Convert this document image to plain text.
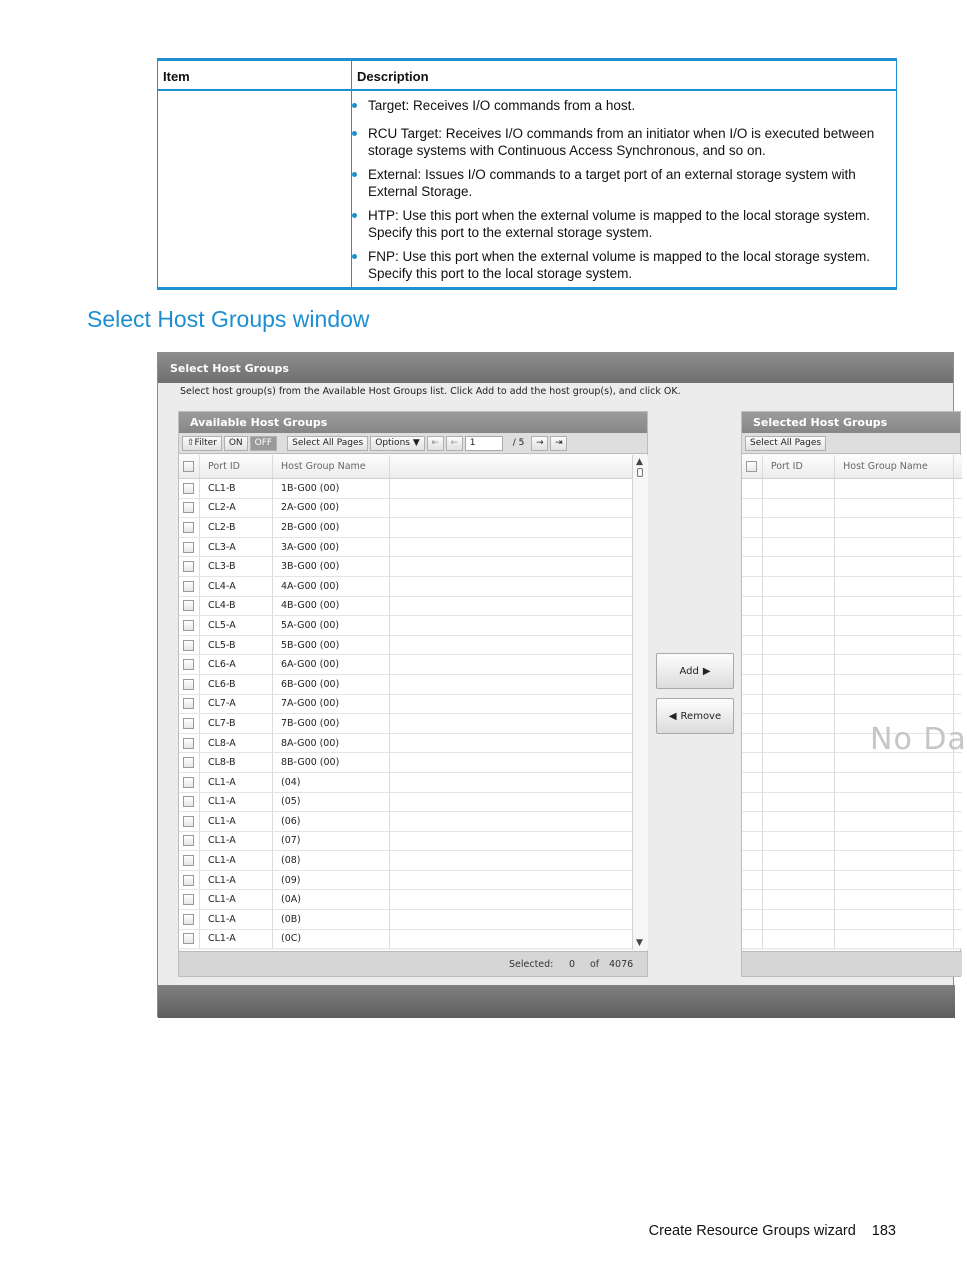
Item	Description
Target: Receives I/O commands from a host.
RCU Target: Receives I/O commands from an initiator when I/O is executed between storage systems with Continuous Access Synchronous, and so on.
External: Issues I/O commands to a target port of an external storage system with External Storage.
HTP: Use this port when the external volume is mapped to the local storage system. Specify this port to the external storage system.
FNP: Use this port when the external volume is mapped to the local storage system. Specify this port to the local storage system.
Select Host Groups window
Select Host Groups
Select host group(s) from the Available Host Groups list. Click Add to add the host group(s), and click OK.
Available Host Groups
⇧Filter	ON	OFF	Select All Pages	Options ▼	⇤	←	1	/ 5	→	⇥
Port ID	Host Group Name
CL1-B	1B-G00 (00)
CL2-A	2A-G00 (00)
CL2-B	2B-G00 (00)
CL3-A	3A-G00 (00)
CL3-B	3B-G00 (00)
CL4-A	4A-G00 (00)
CL4-B	4B-G00 (00)
CL5-A	5A-G00 (00)
CL5-B	5B-G00 (00)
CL6-A	6A-G00 (00)
CL6-B	6B-G00 (00)
CL7-A	7A-G00 (00)
CL7-B	7B-G00 (00)
CL8-A	8A-G00 (00)
CL8-B	8B-G00 (00)
CL1-A	(04)
CL1-A	(05)
CL1-A	(06)
CL1-A	(07)
CL1-A	(08)
CL1-A	(09)
CL1-A	(0A)
CL1-A	(0B)
CL1-A	(0C)
▲
▼
Selected: 0 of 4076
Add ▶
◀ Remove
Selected Host Groups
Select All Pages
Port ID	Host Group Name
No Da
Create Resource Groups wizard 183
